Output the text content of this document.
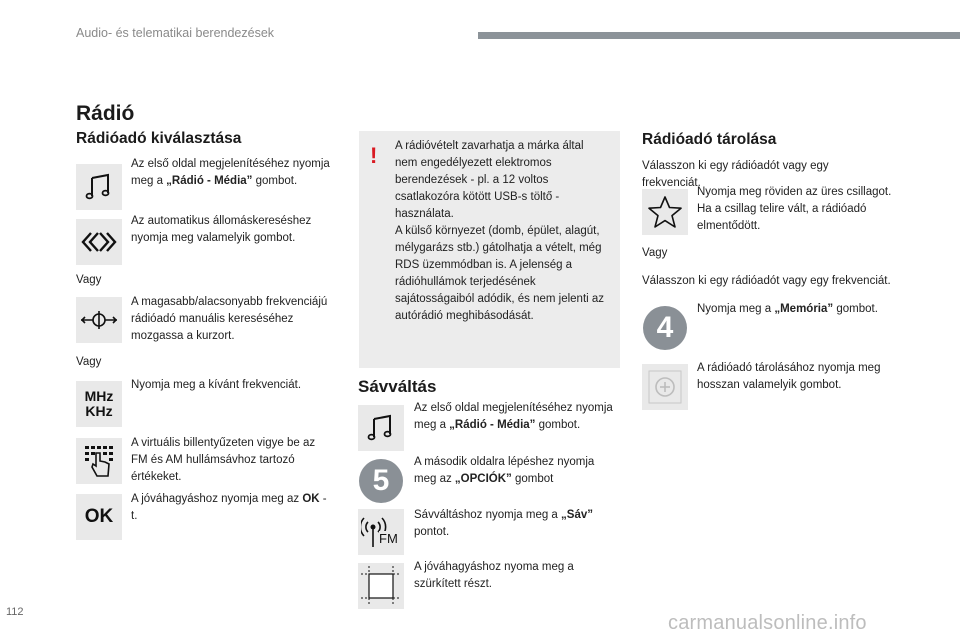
Audio- és telematikai berendezések
Rádió
Rádióadó kiválasztása
Az első oldal megjelenítéséhez nyomja meg a „Rádió - Média” gombot.
Az automatikus állomáskereséshez nyomja meg valamelyik gombot.
Vagy
A magasabb/alacsonyabb frekvenciájú rádióadó manuális kereséséhez mozgassa a kurzort.
Vagy
MHz
KHz
Nyomja meg a kívánt frekvenciát.
A virtuális billentyűzeten vigye be az FM és AM hullámsávhoz tartozó értékeket.
OK
A jóváhagyáshoz nyomja meg az OK -t.
! A rádióvételt zavarhatja a márka által nem engedélyezett elektromos berendezések - pl. a 12 voltos csatlakozóra kötött USB-s töltő -használata.
A külső környezet (domb, épület, alagút, mélygarázs stb.) gátolhatja a vételt, még RDS üzemmódban is. A jelenség a rádióhullámok terjedésének sajátosságaiból adódik, és nem jelenti az autórádió meghibásodását.
Sávváltás
Az első oldal megjelenítéséhez nyomja meg a „Rádió - Média” gombot.
5
A második oldalra lépéshez nyomja meg az „OPCIÓK” gombot
FM
Sávváltáshoz nyomja meg a „Sáv” pontot.
A jóváhagyáshoz nyoma meg a szürkített részt.
Rádióadó tárolása
Válasszon ki egy rádióadót vagy egy frekvenciát.
Nyomja meg röviden az üres csillagot. Ha a csillag telire vált, a rádióadó elmentődött.
Vagy
Válasszon ki egy rádióadót vagy egy frekvenciát.
4
Nyomja meg a „Memória” gombot.
A rádióadó tárolásához nyomja meg hosszan valamelyik gombot.
112	carmanualsonline.info
